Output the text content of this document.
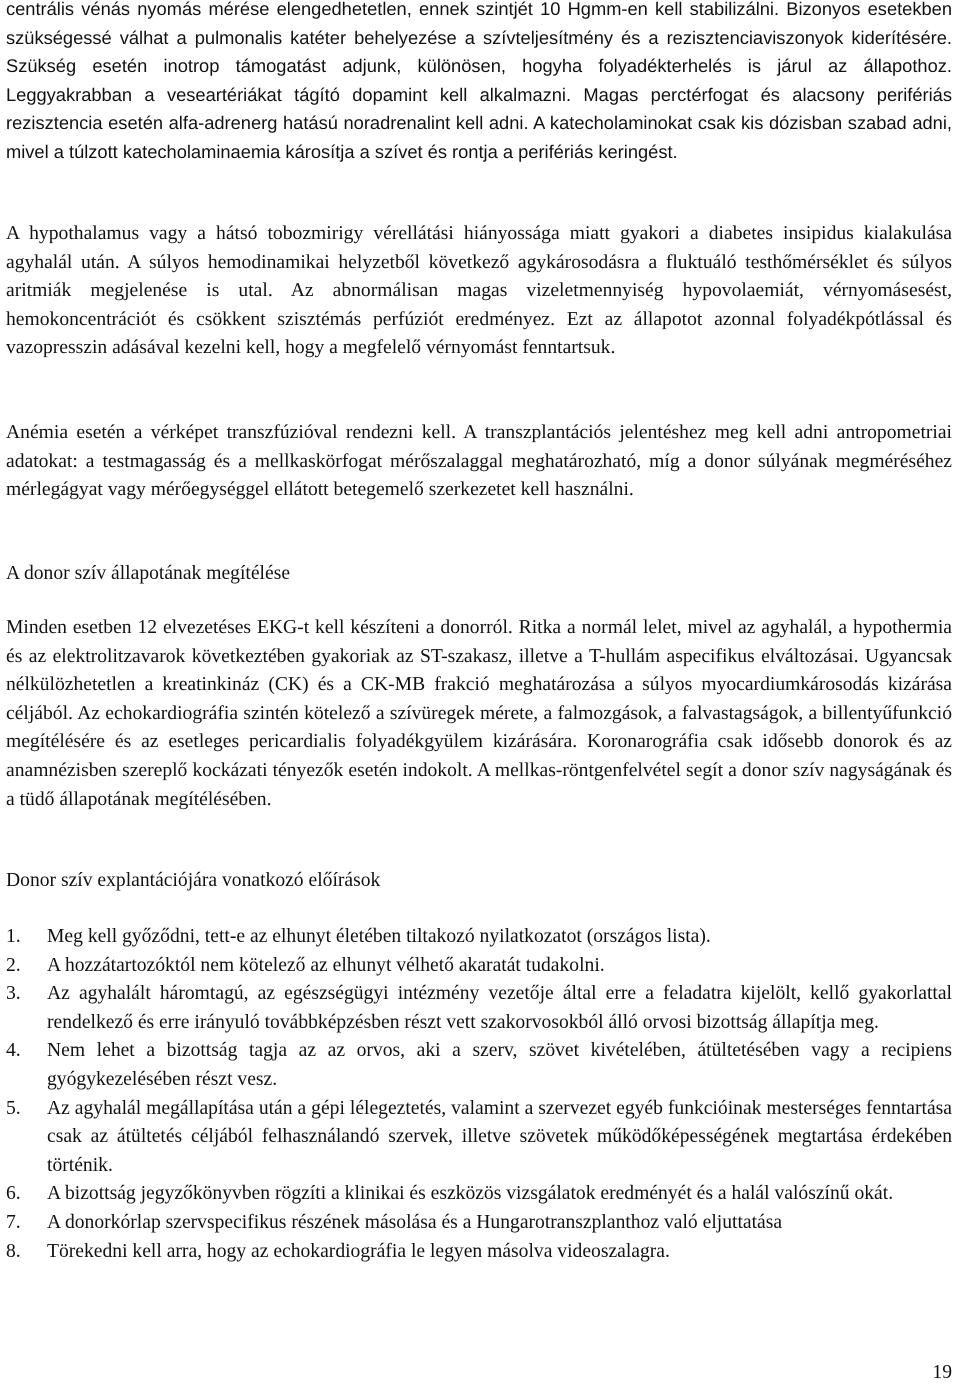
centrális vénás nyomás mérése elengedhetetlen, ennek szintjét 10 Hgmm-en kell stabilizálni. Bizonyos esetekben szükségessé válhat a pulmonalis katéter behelyezése a szívteljesítmény és a rezisztenciaviszonyok kiderítésére. Szükség esetén inotrop támogatást adjunk, különösen, hogyha folyadékterhelés is járul az állapothoz. Leggyakrabban a veseartériákat tágító dopamint kell alkalmazni. Magas perctérfogat és alacsony perifériás rezisztencia esetén alfa-adrenerg hatású noradrenalint kell adni. A katecholaminokat csak kis dózisban szabad adni, mivel a túlzott katecholaminaemia károsítja a szívet és rontja a perifériás keringést.

A hypothalamus vagy a hátsó tobozmirigy vérellátási hiányossága miatt gyakori a diabetes insipidus kialakulása agyhalál után. A súlyos hemodinamikai helyzetből következő agykárosodásra a fluktuáló testhőmérséklet és súlyos aritmiák megjelenése is utal. Az abnormálisan magas vizeletmennyiség hypovolaemiát, vérnyomásesést, hemokoncentrációt és csökkent szisztémás perfúziót eredményez. Ezt az állapotot azonnal folyadékpótlással és vazopresszin adásával kezelni kell, hogy a megfelelő vérnyomást fenntartsuk.

Anémia esetén a vérképet transzfúzióval rendezni kell. A transzplantációs jelentéshez meg kell adni antropometriai adatokat: a testmagasság és a mellkaskörfogat mérőszalaggal meghatározható, míg a donor súlyának megméréséhez mérlegágyat vagy mérőegységgel ellátott betegemelő szerkezetet kell használni.

A donor szív állapotának megítélése

Minden esetben 12 elvezetéses EKG-t kell készíteni a donorról. Ritka a normál lelet, mivel az agyhalál, a hypothermia és az elektrolitzavarok következtében gyakoriak az ST-szakasz, illetve a T-hullám aspecifikus elváltozásai. Ugyancsak nélkülözhetetlen a kreatinkináz (CK) és a CK-MB frakció meghatározása a súlyos myocardiumkárosodás kizárása céljából. Az echokardiográfia szintén kötelező a szívüregek mérete, a falmozgások, a falvastagságok, a billentyűfunkció megítélésére és az esetleges pericardialis folyadékgyülem kizárására. Koronarográfia csak idősebb donorok és az anamnézisben szereplő kockázati tényezők esetén indokolt. A mellkas-röntgenfelvétel segít a donor szív nagyságának és a tüdő állapotának megítélésében.

Donor szív explantációjára vonatkozó előírások
1. Meg kell győződni, tett-e az elhunyt életében tiltakozó nyilatkozatot (országos lista).
2. A hozzátartozóktól nem kötelező az elhunyt vélhető akaratát tudakolni.
3. Az agyhalált háromtagú, az egészségügyi intézmény vezetője által erre a feladatra kijelölt, kellő gyakorlattal rendelkező és erre irányuló továbbképzésben részt vett szakorvosokból álló orvosi bizottság állapítja meg.
4. Nem lehet a bizottság tagja az az orvos, aki a szerv, szövet kivételében, átültetésében vagy a recipiens gyógykezelésében részt vesz.
5. Az agyhalál megállapítása után a gépi lélegeztetés, valamint a szervezet egyéb funkcióinak mesterséges fenntartása csak az átültetés céljából felhasználandó szervek, illetve szövetek működőképességének megtartása érdekében történik.
6. A bizottság jegyzőkönyvben rögzíti a klinikai és eszközös vizsgálatok eredményét és a halál valószínű okát.
7. A donorkórlap szervspecifikus részének másolása és a Hungarotranszplanthoz való eljuttatása
8. Törekedni kell arra, hogy az echokardiográfia le legyen másolva videoszalagra.
19
